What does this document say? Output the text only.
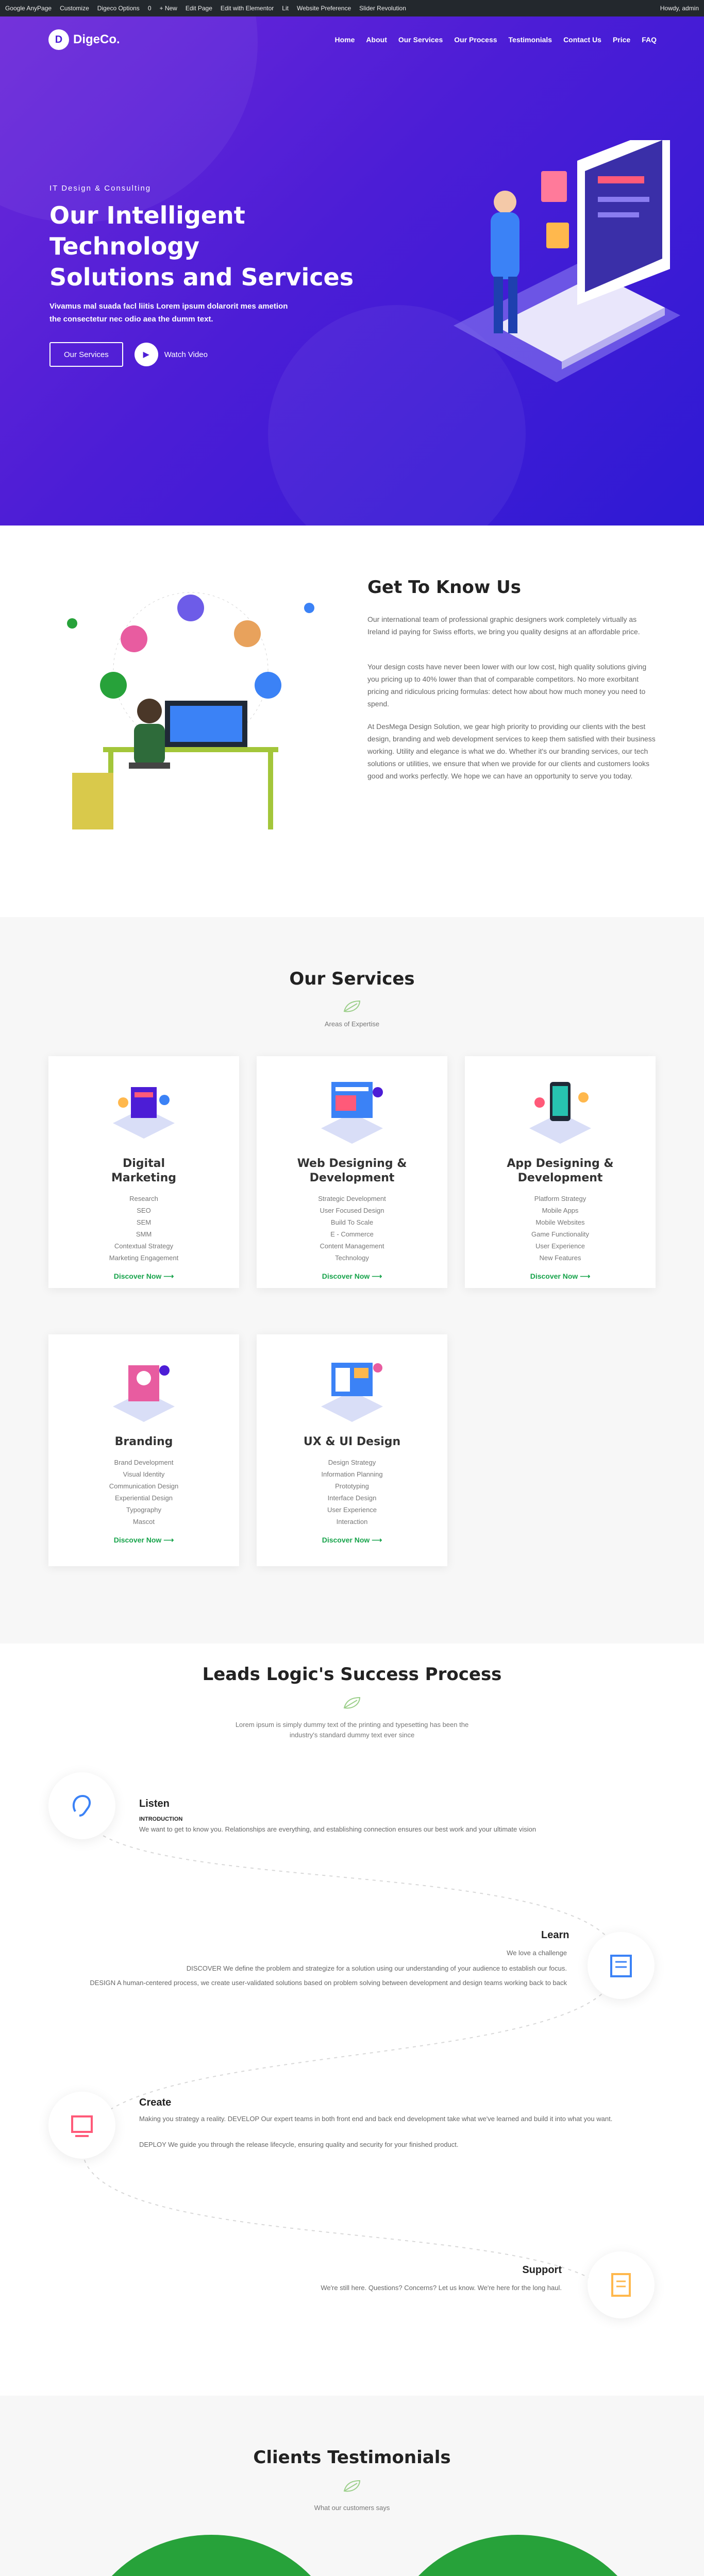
Google AnyPage Customize Digeco Options 0 + New Edit Page Edit with Elementor Lit Website Preference Slider Revolution	Howdy, admin
D DigeCo.	Home About Our Services Our Process Testimonials Contact Us Price FAQ
IT Design & Consulting
Our Intelligent Technology
Solutions and Services
Vivamus mal suada facl liitis Lorem ipsum dolarorit mes ametion
the consectetur nec odio aea the dumm text.
Our Services	▶	Watch Video
Get To Know Us
Our international team of professional graphic designers work completely virtually as Ireland id paying for Swiss efforts, we bring you quality designs at an affordable price.
Your design costs have never been lower with our low cost, high quality solutions giving you pricing up to 40% lower than that of comparable competitors. No more exorbitant pricing and ridiculous pricing formulas: detect how about how much money you need to spend.
At DesMega Design Solution, we gear high priority to providing our clients with the best design, branding and web development services to keep them satisfied with their business working. Utility and elegance is what we do. Whether it's our branding services, our tech solutions or utilities, we ensure that when we provide for our clients and customers looks good and works perfectly. We hope we can have an opportunity to serve you today.
Our Services
Areas of Expertise
Digital
Marketing
Research
SEO
SEM
SMM
Contextual Strategy
Marketing Engagement
Discover Now ⟶
Web Designing &
Development
Strategic Development
User Focused Design
Build To Scale
E - Commerce
Content Management
Technology
Discover Now ⟶
App Designing &
Development
Platform Strategy
Mobile Apps
Mobile Websites
Game Functionality
User Experience
New Features
Discover Now ⟶
Branding
Brand Development
Visual Identity
Communication Design
Experiential Design
Typography
Mascot
Discover Now ⟶
UX & UI Design
Design Strategy
Information Planning
Prototyping
Interface Design
User Experience
Interaction
Discover Now ⟶
Leads Logic's Success Process
Lorem ipsum is simply dummy text of the printing and typesetting has been the
industry's standard dummy text ever since
Listen
INTRODUCTION
We want to get to know you. Relationships are everything, and establishing connection ensures our best work and your ultimate vision
Learn
We love a challenge
DISCOVER We define the problem and strategize for a solution using our understanding of your audience to establish our focus.
DESIGN A human-centered process, we create user-validated solutions based on problem solving between development and design teams working back to back
Create
Making you strategy a reality. DEVELOP Our expert teams in both front end and back end development take what we've learned and build it into what you want.
DEPLOY We guide you through the release lifecycle, ensuring quality and security for your finished product.
Support
We're still here. Questions? Concerns? Let us know. We're here for the long haul.
Clients Testimonials
What our customers says
